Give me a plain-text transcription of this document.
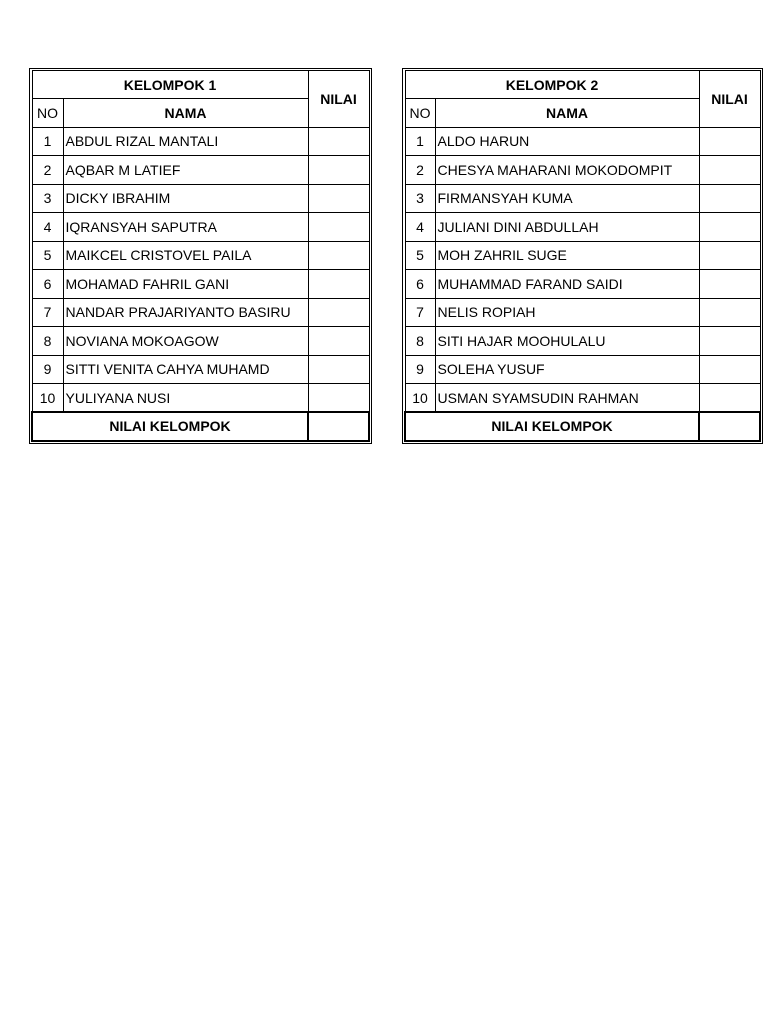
KELOMPOK 1		NILAI
NO	NAMA	
1	ABDUL RIZAL MANTALI	
2	AQBAR M LATIEF	
3	DICKY IBRAHIM	
4	IQRANSYAH SAPUTRA	
5	MAIKCEL CRISTOVEL PAILA	
6	MOHAMAD FAHRIL GANI	
7	NANDAR PRAJARIYANTO BASIRU	
8	NOVIANA MOKOAGOW	
9	SITTI VENITA CAHYA MUHAMD	
10	YULIYANA NUSI	
NILAI KELOMPOK		
KELOMPOK 2		NILAI
NO	NAMA	
1	ALDO HARUN	
2	CHESYA MAHARANI MOKODOMPIT	
3	FIRMANSYAH KUMA	
4	JULIANI DINI ABDULLAH	
5	MOH ZAHRIL SUGE	
6	MUHAMMAD FARAND SAIDI	
7	NELIS ROPIAH	
8	SITI HAJAR MOOHULALU	
9	SOLEHA YUSUF	
10	USMAN SYAMSUDIN RAHMAN	
NILAI KELOMPOK		
